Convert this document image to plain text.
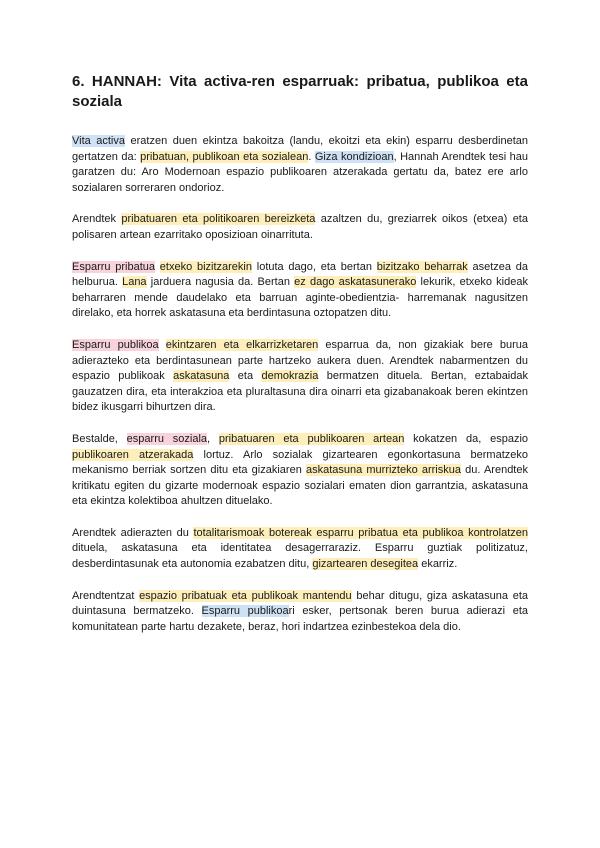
6. HANNAH: Vita activa-ren esparruak: pribatua, publikoa eta soziala

Vita activa eratzen duen ekintza bakoitza (landu, ekoitzi eta ekin) esparru desberdinetan gertatzen da: pribatuan, publikoan eta sozialean. Giza kondizioan, Hannah Arendtek tesi hau garatzen du: Aro Modernoan espazio publikoaren atzerakada gertatu da, batez ere arlo sozialaren sorreraren ondorioz.

Arendtek pribatuaren eta politikoaren bereizketa azaltzen du, greziarrek oikos (etxea) eta polisaren artean ezarritako oposizioan oinarrituta.

Esparru pribatua etxeko bizitzarekin lotuta dago, eta bertan bizitzako beharrak asetzea da helburua. Lana jarduera nagusia da. Bertan ez dago askatasunerako lekurik, etxeko kideak beharraren mende daudelako eta barruan aginte-obedientzia- harremanak nagusitzen direlako, eta horrek askatasuna eta berdintasuna oztopatzen ditu.

Esparru publikoa ekintzaren eta elkarrizketaren esparrua da, non gizakiak bere burua adierazteko eta berdintasunean parte hartzeko aukera duen. Arendtek nabarmentzen du espazio publikoak askatasuna eta demokrazia bermatzen dituela. Bertan, eztabaidak gauzatzen dira, eta interakzioa eta pluraltasuna dira oinarri eta gizabanakoak beren ekintzen bidez ikusgarri bihurtzen dira.

Bestalde, esparru soziala, pribatuaren eta publikoaren artean kokatzen da, espazio publikoaren atzerakada lortuz. Arlo sozialak gizartearen egonkortasuna bermatzeko mekanismo berriak sortzen ditu eta gizakiaren askatasuna murrizteko arriskua du. Arendtek kritikatu egiten du gizarte modernoak espazio sozialari ematen dion garrantzia, askatasuna eta ekintza kolektiboa ahultzen dituelako.

Arendtek adierazten du totalitarismoak botereak esparru pribatua eta publikoa kontrolatzen dituela, askatasuna eta identitatea desagerraraziz. Esparru guztiak politizatuz, desberdintasunak eta autonomia ezabatzen ditu, gizartearen desegitea ekarriz.

Arendtentzat espazio pribatuak eta publikoak mantendu behar ditugu, giza askatasuna eta duintasuna bermatzeko. Esparru publikoari esker, pertsonak beren burua adierazi eta komunitatean parte hartu dezakete, beraz, hori indartzea ezinbestekoa dela dio.
